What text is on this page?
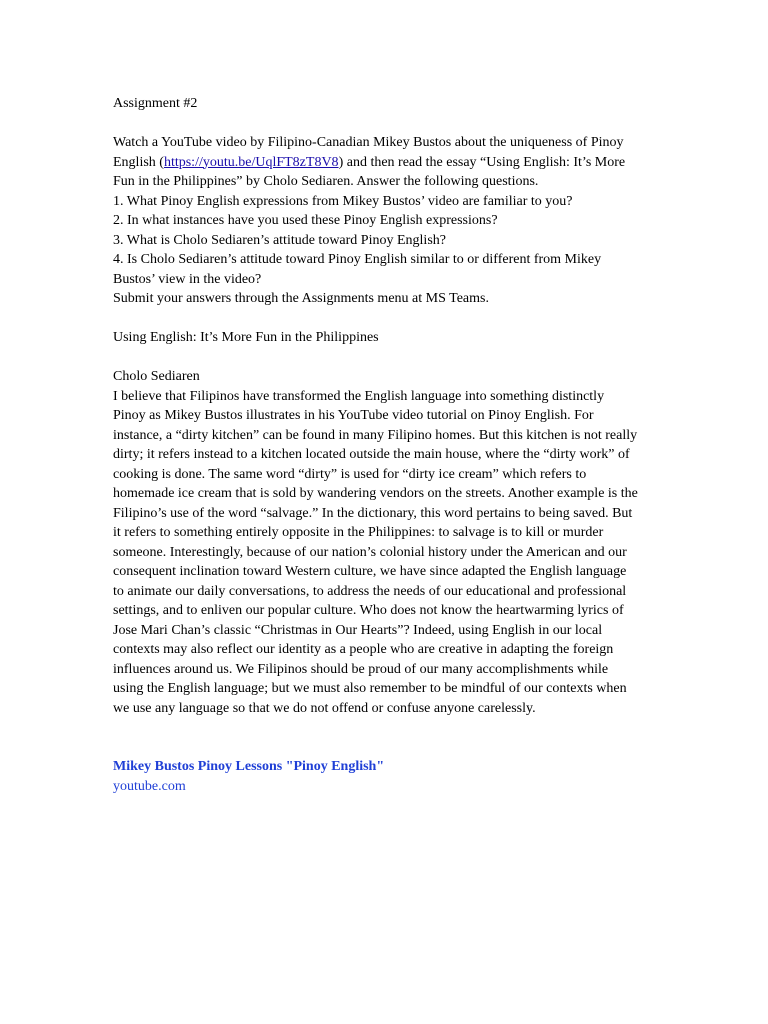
Assignment #2

Watch a YouTube video by Filipino-Canadian Mikey Bustos about the uniqueness of Pinoy
English (https://youtu.be/UqlFT8zT8V8) and then read the essay “Using English: It’s More
Fun in the Philippines” by Cholo Sediaren. Answer the following questions.
1. What Pinoy English expressions from Mikey Bustos’ video are familiar to you?
2. In what instances have you used these Pinoy English expressions?
3. What is Cholo Sediaren’s attitude toward Pinoy English?
4. Is Cholo Sediaren’s attitude toward Pinoy English similar to or different from Mikey
Bustos’ view in the video?
Submit your answers through the Assignments menu at MS Teams.

Using English: It’s More Fun in the Philippines

Cholo Sediaren
I believe that Filipinos have transformed the English language into something distinctly
Pinoy as Mikey Bustos illustrates in his YouTube video tutorial on Pinoy English. For
instance, a “dirty kitchen” can be found in many Filipino homes. But this kitchen is not really
dirty; it refers instead to a kitchen located outside the main house, where the “dirty work” of
cooking is done. The same word “dirty” is used for “dirty ice cream” which refers to
homemade ice cream that is sold by wandering vendors on the streets. Another example is the
Filipino’s use of the word “salvage.” In the dictionary, this word pertains to being saved. But
it refers to something entirely opposite in the Philippines: to salvage is to kill or murder
someone. Interestingly, because of our nation’s colonial history under the American and our
consequent inclination toward Western culture, we have since adapted the English language
to animate our daily conversations, to address the needs of our educational and professional
settings, and to enliven our popular culture. Who does not know the heartwarming lyrics of
Jose Mari Chan’s classic “Christmas in Our Hearts”? Indeed, using English in our local
contexts may also reflect our identity as a people who are creative in adapting the foreign
influences around us. We Filipinos should be proud of our many accomplishments while
using the English language; but we must also remember to be mindful of our contexts when
we use any language so that we do not offend or confuse anyone carelessly.

Mikey Bustos Pinoy Lessons "Pinoy English"
youtube.com
